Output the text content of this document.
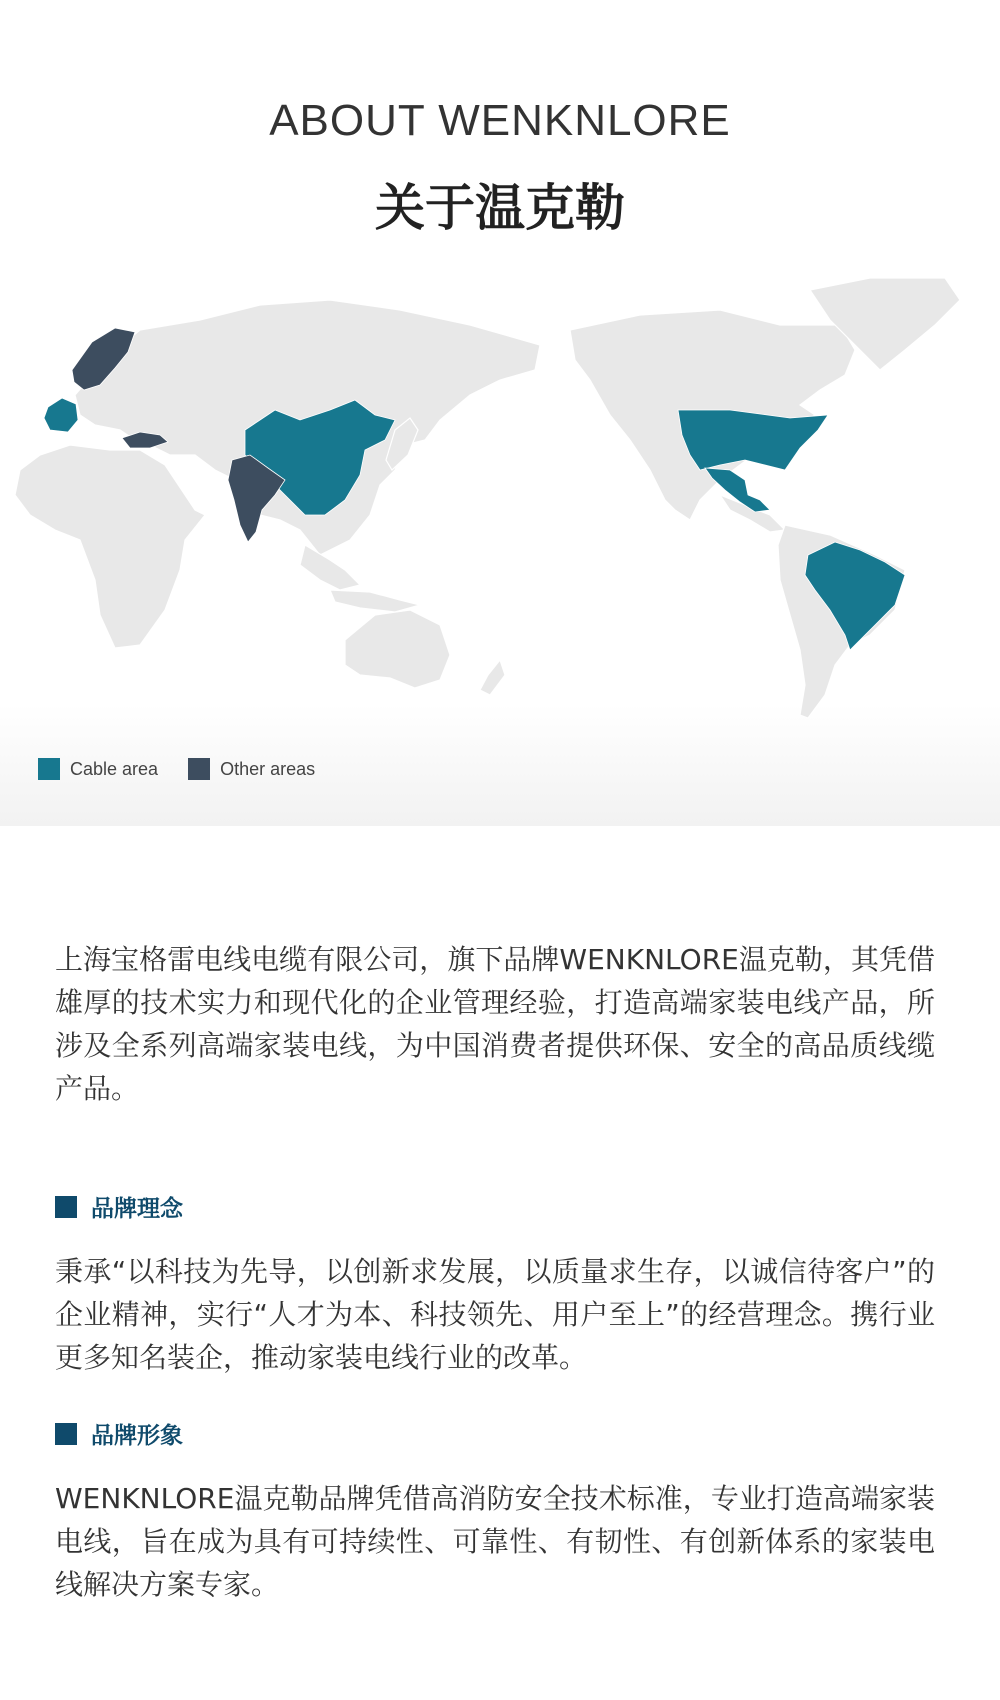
ABOUT WENKNLORE
关于温克勒
Cable area	Other areas
上海宝格雷电线电缆有限公司，旗下品牌WENKNLORE温克勒，其凭借雄厚的技术实力和现代化的企业管理经验，打造高端家装电线产品，所涉及全系列高端家装电线，为中国消费者提供环保、安全的高品质线缆产品。
品牌理念
秉承“以科技为先导，以创新求发展，以质量求生存，以诚信待客户”的企业精神，实行“人才为本、科技领先、用户至上”的经营理念。携行业更多知名装企，推动家装电线行业的改革。
品牌形象
WENKNLORE温克勒品牌凭借高消防安全技术标准，专业打造高端家装电线，旨在成为具有可持续性、可靠性、有韧性、有创新体系的家装电线解决方案专家。
